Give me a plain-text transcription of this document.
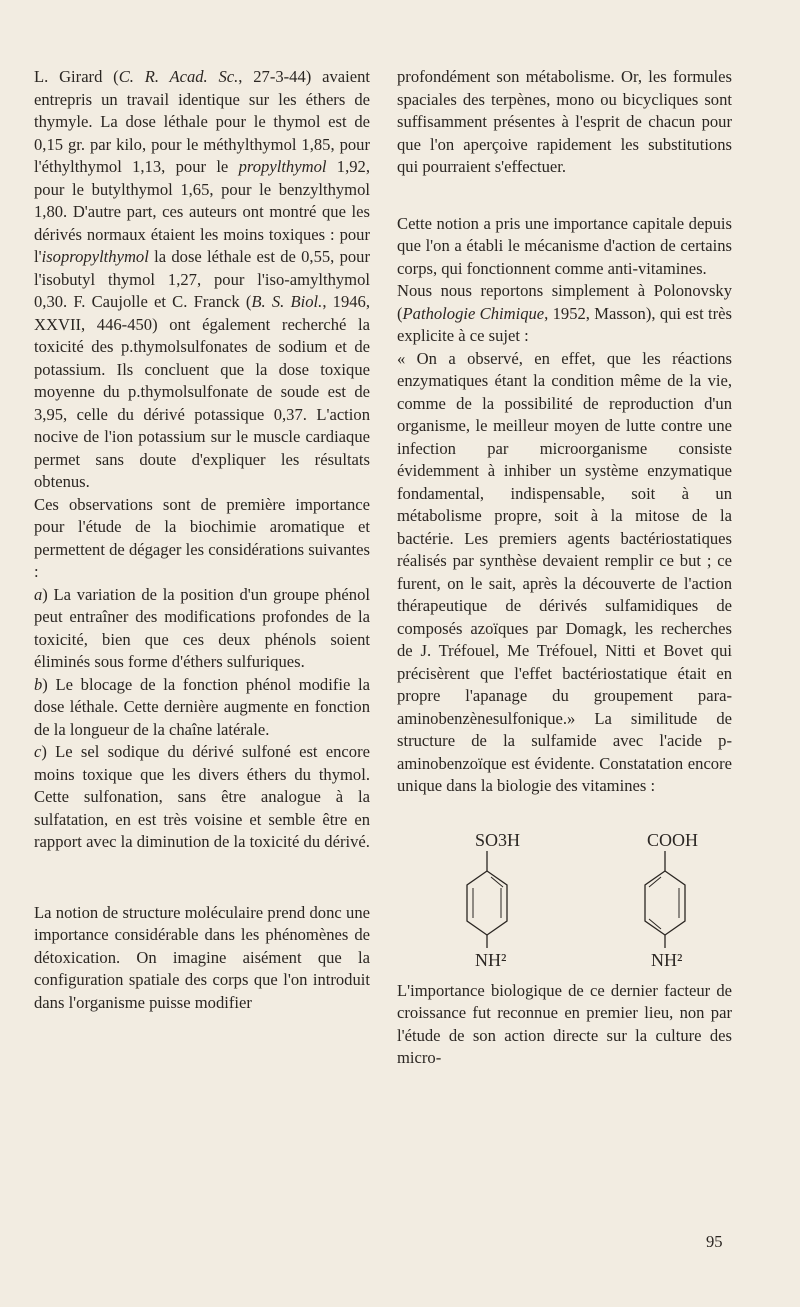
L. Girard (C. R. Acad. Sc., 27-3-44) avaient entrepris un travail identique sur les éthers de thymyle. La dose léthale pour le thymol est de 0,15 gr. par kilo, pour le méthylthymol 1,85, pour l'éthylthymol 1,13, pour le propylthymol 1,92, pour le butylthymol 1,65, pour le benzylthymol 1,80. D'autre part, ces auteurs ont montré que les dérivés normaux étaient les moins toxiques : pour l'isopropylthymol la dose léthale est de 0,55, pour l'isobutyl thymol 1,27, pour l'iso-amylthymol 0,30. F. Caujolle et C. Franck (B. S. Biol., 1946, XXVII, 446-450) ont également recherché la toxicité des p.thymolsulfonates de sodium et de potassium. Ils concluent que la dose toxique moyenne du p.thymolsulfonate de soude est de 3,95, celle du dérivé potassique 0,37. L'action nocive de l'ion potassium sur le muscle cardiaque permet sans doute d'expliquer les résultats obtenus.

Ces observations sont de première importance pour l'étude de la biochimie aromatique et permettent de dégager les considérations suivantes :

a) La variation de la position d'un groupe phénol peut entraîner des modifications profondes de la toxicité, bien que ces deux phénols soient éliminés sous forme d'éthers sulfuriques.

b) Le blocage de la fonction phénol modifie la dose léthale. Cette dernière augmente en fonction de la longueur de la chaîne latérale.

c) Le sel sodique du dérivé sulfoné est encore moins toxique que les divers éthers du thymol. Cette sulfonation, sans être analogue à la sulfatation, en est très voisine et semble être en rapport avec la diminution de la toxicité du dérivé.

La notion de structure moléculaire prend donc une importance considérable dans les phénomènes de détoxication. On imagine aisément que la configuration spatiale des corps que l'on introduit dans l'organisme puisse modifier

profondément son métabolisme. Or, les formules spaciales des terpènes, mono ou bicycliques sont suffisamment présentes à l'esprit de chacun pour que l'on aperçoive rapidement les substitutions qui pourraient s'effectuer.

Cette notion a pris une importance capitale depuis que l'on a établi le mécanisme d'action de certains corps, qui fonctionnent comme anti-vitamines.

Nous nous reportons simplement à Polonovsky (Pathologie Chimique, 1952, Masson), qui est très explicite à ce sujet :

« On a observé, en effet, que les réactions enzymatiques étant la condition même de la vie, comme de la possibilité de reproduction d'un organisme, le meilleur moyen de lutte contre une infection par microorganisme consiste évidemment à inhiber un système enzymatique fondamental, indispensable, soit à un métabolisme propre, soit à la mitose de la bactérie. Les premiers agents bactériostatiques réalisés par synthèse devaient remplir ce but ; ce furent, on le sait, après la découverte de l'action thérapeutique de dérivés sulfamidiques de composés azoïques par Domagk, les recherches de J. Tréfouel, Me Tréfouel, Nitti et Bovet qui précisèrent que l'effet bactériostatique était en propre l'apanage du groupement para-aminobenzènesulfonique.» La similitude de structure de la sulfamide avec l'acide p-aminobenzoïque est évidente. Constatation encore unique dans la biologie des vitamines :

SO3H
NH²
COOH
NH²

L'importance biologique de ce dernier facteur de croissance fut reconnue en premier lieu, non par l'étude de son action directe sur la culture des micro-

95
